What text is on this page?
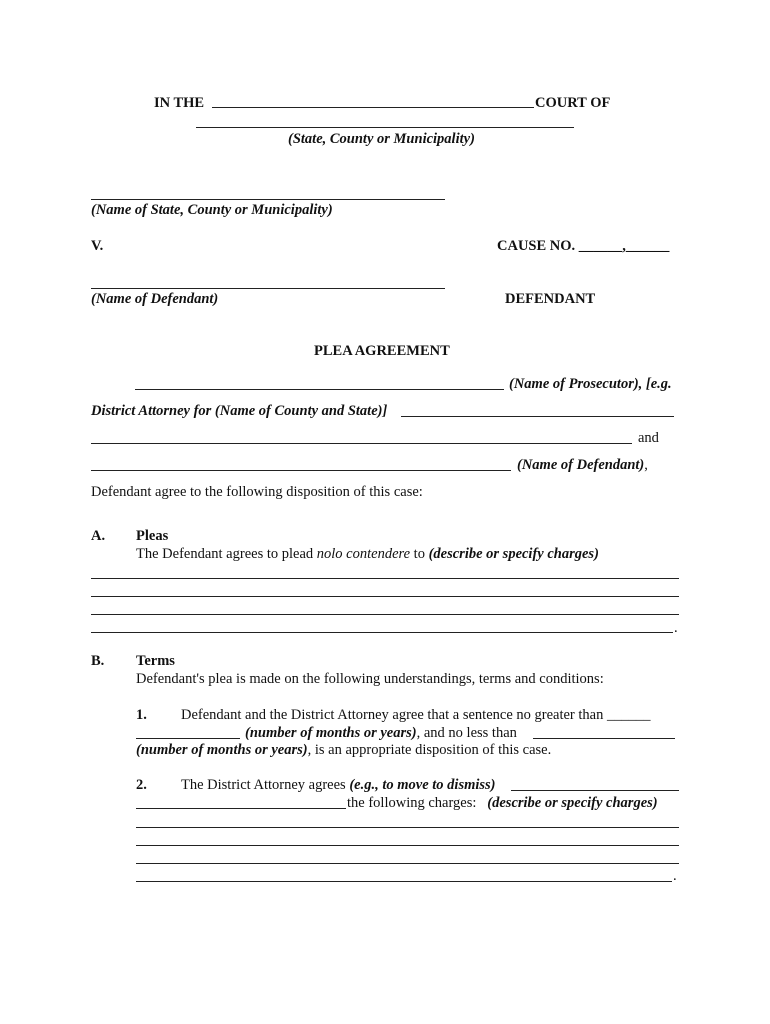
IN THE	COURT OF
(State, County or Municipality)
(Name of State, County or Municipality)
V.	CAUSE NO. ______,______
(Name of Defendant)	DEFENDANT
PLEA AGREEMENT
(Name of Prosecutor), [e.g.
District Attorney for (Name of County and State)]
and
(Name of Defendant),
Defendant agree to the following disposition of this case:
A. Pleas
The Defendant agrees to plead nolo contendere to (describe or specify charges)
.
B. Terms
Defendant's plea is made on the following understandings, terms and conditions:
1. Defendant and the District Attorney agree that a sentence no greater than ______
(number of months or years), and no less than
(number of months or years), is an appropriate disposition of this case.
2. The District Attorney agrees (e.g., to move to dismiss)
the following charges: (describe or specify charges)
.
